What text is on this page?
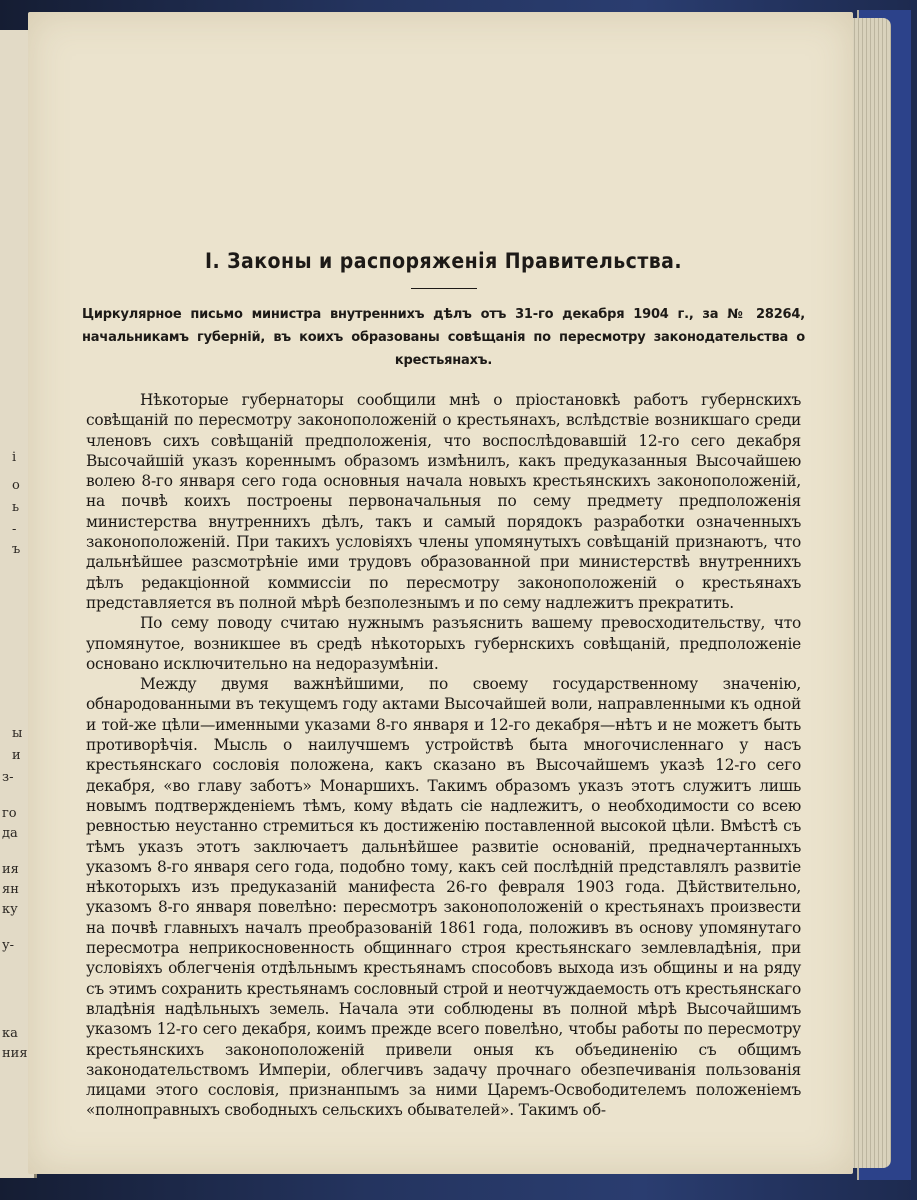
і
о
ь
-
ъ
ы
и
з-
го
да
ия
ян
ку
у-
ка
ния
I. Законы и распоряженія Правительства.

Циркулярное письмо министра внутреннихъ дѣлъ отъ 31-го декабря 1904 г., за № 28264, начальникамъ губерній, въ коихъ образованы совѣщанія по пересмотру законодательства о крестьянахъ.

Нѣкоторые губернаторы сообщили мнѣ о пріостановкѣ работъ губернскихъ совѣщаній по пересмотру законоположеній о крестьянахъ, вслѣдствіе возникшаго среди членовъ сихъ совѣщаній предположенія, что воспослѣдовавшій 12-го сего декабря Высочайшій указъ кореннымъ образомъ измѣнилъ, какъ предуказанныя Высочайшею волею 8-го января сего года основныя начала новыхъ крестьянскихъ законоположеній, на почвѣ коихъ построены первоначальныя по сему предмету предположенія министерства внутреннихъ дѣлъ, такъ и самый порядокъ разработки означенныхъ законоположеній. При такихъ условіяхъ члены упомянутыхъ совѣщаній признаютъ, что дальнѣйшее разсмотрѣніе ими трудовъ образованной при министерствѣ внутреннихъ дѣлъ редакціонной коммиссіи по пересмотру законоположеній о крестьянахъ представляется въ полной мѣрѣ безполезнымъ и по сему надлежитъ прекратить.

По сему поводу считаю нужнымъ разъяснить вашему превосходительству, что упомянутое, возникшее въ средѣ нѣкоторыхъ губернскихъ совѣщаній, предположеніе основано исключительно на недоразумѣніи.

Между двумя важнѣйшими, по своему государственному значенію, обнародованными въ текущемъ году актами Высочайшей воли, направленными къ одной и той-же цѣли—именными указами 8-го января и 12-го декабря—нѣтъ и не можетъ быть противорѣчія. Мысль о наилучшемъ устройствѣ быта многочисленнаго у насъ крестьянскаго сословія положена, какъ сказано въ Высочайшемъ указѣ 12-го сего декабря, «во главу заботъ» Монаршихъ. Такимъ образомъ указъ этотъ служитъ лишь новымъ подтвержденіемъ тѣмъ, кому вѣдать сіе надлежитъ, о необходимости со всею ревностью неустанно стремиться къ достиженію поставленной высокой цѣли. Вмѣстѣ съ тѣмъ указъ этотъ заключаетъ дальнѣйшее развитіе основаній, предначертанныхъ указомъ 8-го января сего года, подобно тому, какъ сей послѣдній представлялъ развитіе нѣкоторыхъ изъ предуказаній манифеста 26-го февраля 1903 года. Дѣйствительно, указомъ 8-го января повелѣно: пересмотръ законоположеній о крестьянахъ произвести на почвѣ главныхъ началъ преобразованій 1861 года, положивъ въ основу упомянутаго пересмотра неприкосновенность общиннаго строя крестьянскаго землевладѣнія, при условіяхъ облегченія отдѣльнымъ крестьянамъ способовъ выхода изъ общины и на ряду съ этимъ сохранить крестьянамъ сословный строй и неотчуждаемость отъ крестьянскаго владѣнія надѣльныхъ земель. Начала эти соблюдены въ полной мѣрѣ Высочайшимъ указомъ 12-го сего декабря, коимъ прежде всего повелѣно, чтобы работы по пересмотру крестьянскихъ законоположеній привели оныя къ объединенію съ общимъ законодательствомъ Имперіи, облегчивъ задачу прочнаго обезпечиванія пользованія лицами этого сословія, признанпымъ за ними Царемъ-Освободителемъ положеніемъ «полноправныхъ свободныхъ сельскихъ обывателей». Такимъ об-
